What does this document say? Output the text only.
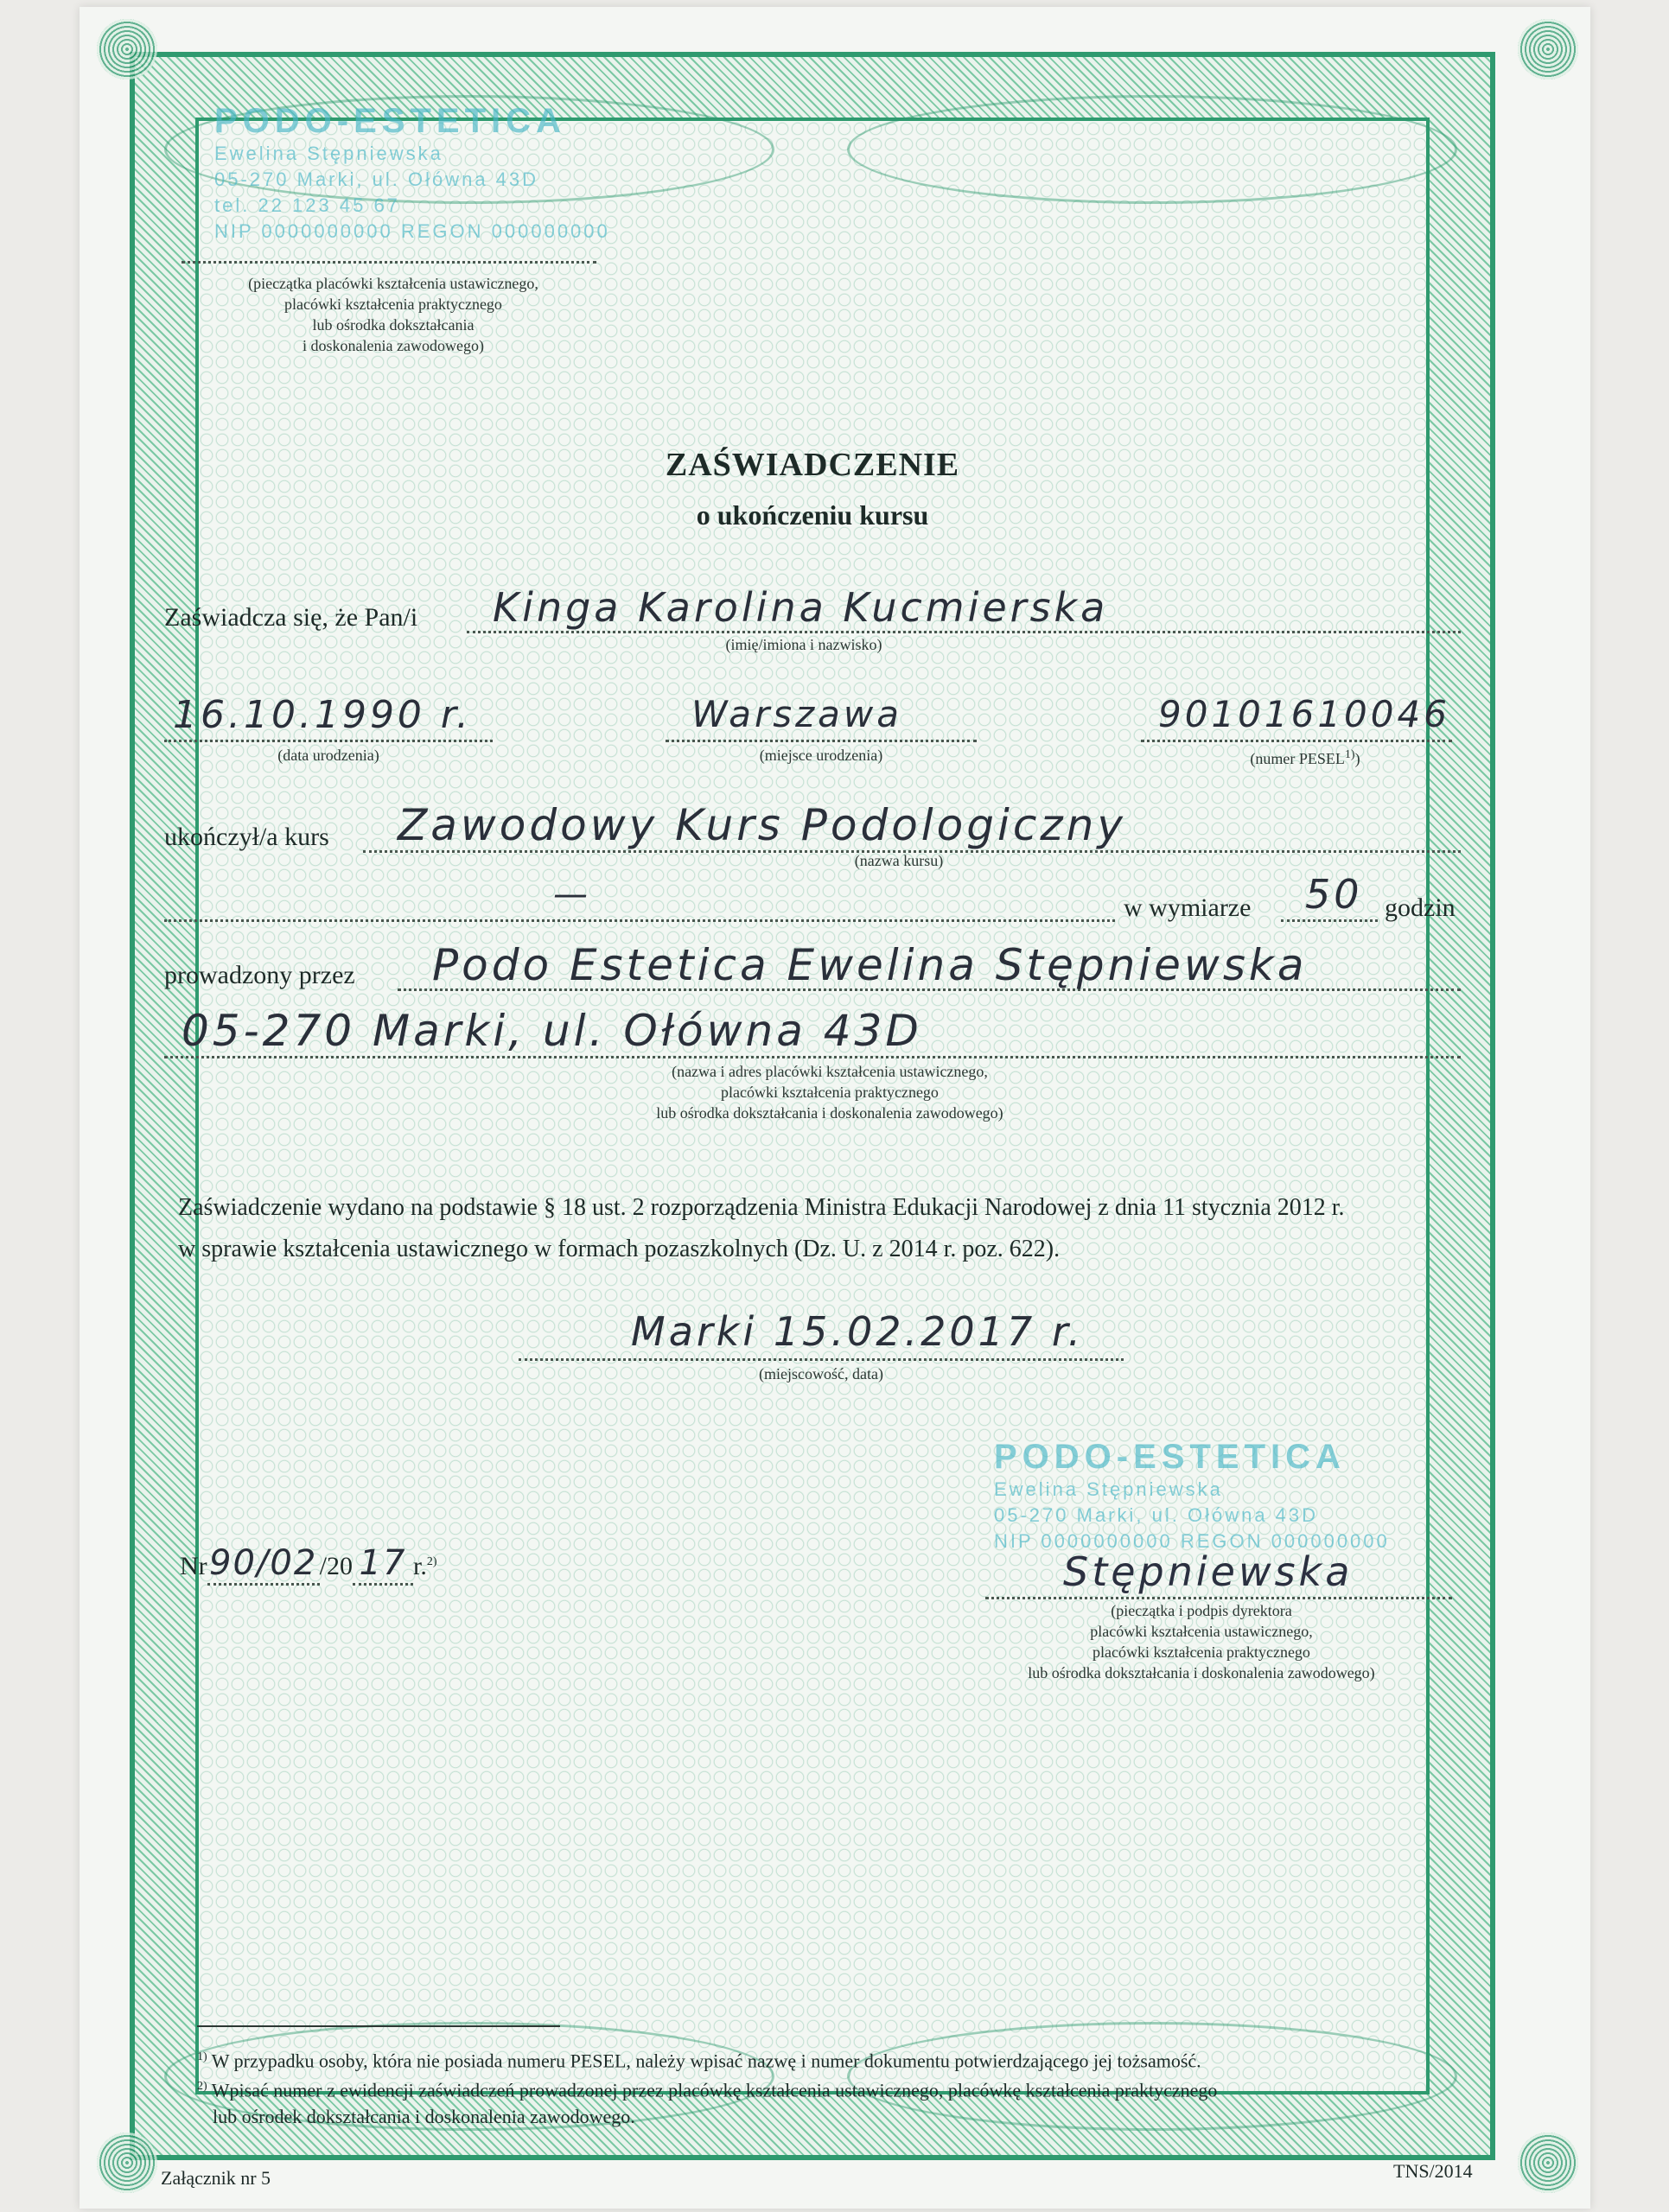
PODO-ESTETICA
Ewelina Stępniewska
05-270 Marki, ul. Ołówna 43D
tel. 22 123 45 67
NIP 0000000000 REGON 000000000
(pieczątka placówki kształcenia ustawicznego,
placówki kształcenia praktycznego
lub ośrodka dokształcania
i doskonalenia zawodowego)
ZAŚWIADCZENIE
o ukończeniu kursu
Zaświadcza się, że Pan/i Kinga Karolina Kucmierska
(imię/imiona i nazwisko)
16.10.1990 r.
(data urodzenia)
Warszawa
(miejsce urodzenia)
90101610046
(numer PESEL$^{1)}$)
ukończył/a kurs Zawodowy Kurs Podologiczny
(nazwa kursu)
—	w wymiarze 50 godzin
prowadzony przez Podo Estetica Ewelina Stępniewska
05-270 Marki, ul. Ołówna 43D
(nazwa i adres placówki kształcenia ustawicznego,
placówki kształcenia praktycznego
lub ośrodka dokształcania i doskonalenia zawodowego)
Zaświadczenie wydano na podstawie § 18 ust. 2 rozporządzenia Ministra Edukacji Narodowej z dnia 11 stycznia 2012 r.
w sprawie kształcenia ustawicznego w formach pozaszkolnych (Dz. U. z 2014 r. poz. 622).
Marki 15.02.2017 r.
(miejscowość, data)
PODO-ESTETICA
Ewelina Stępniewska
05-270 Marki, ul. Ołówna 43D
NIP 0000000000 REGON 000000000
Nr90/02/20 17 r.$^{2)}$	Stępniewska
(pieczątka i podpis dyrektora
placówki kształcenia ustawicznego,
placówki kształcenia praktycznego
lub ośrodka dokształcania i doskonalenia zawodowego)
$^{1)}$ W przypadku osoby, która nie posiada numeru PESEL, należy wpisać nazwę i numer dokumentu potwierdzającego jej tożsamość.
$^{2)}$ Wpisać numer z ewidencji zaświadczeń prowadzonej przez placówkę kształcenia ustawicznego, placówkę kształcenia praktycznego
lub ośrodek dokształcania i doskonalenia zawodowego.
Załącznik nr 5	TNS/2014
